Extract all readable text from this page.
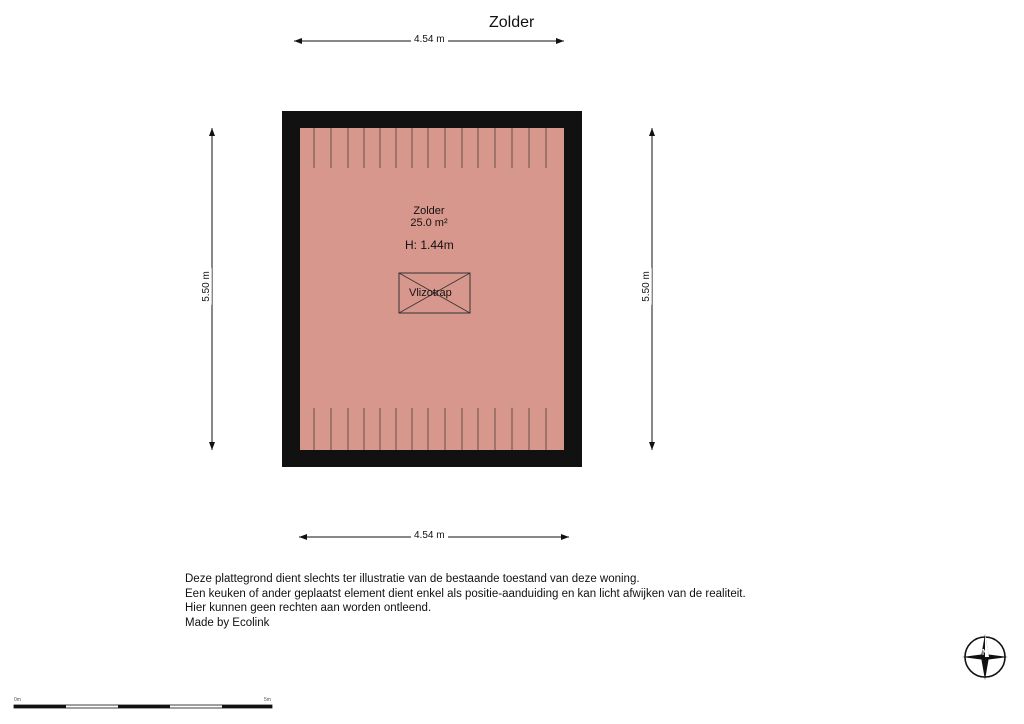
Zolder
4.54 m
4.54 m
5.50 m	5.50 m
Zolder
25.0 m²
H: 1.44m
Vlizotrap
Deze plattegrond dient slechts ter illustratie van de bestaande toestand van deze woning.
Een keuken of ander geplaatst element dient enkel als positie-aanduiding en kan licht afwijken van de realiteit.
Hier kunnen geen rechten aan worden ontleend.
Made by Ecolink
N
0m	5m
